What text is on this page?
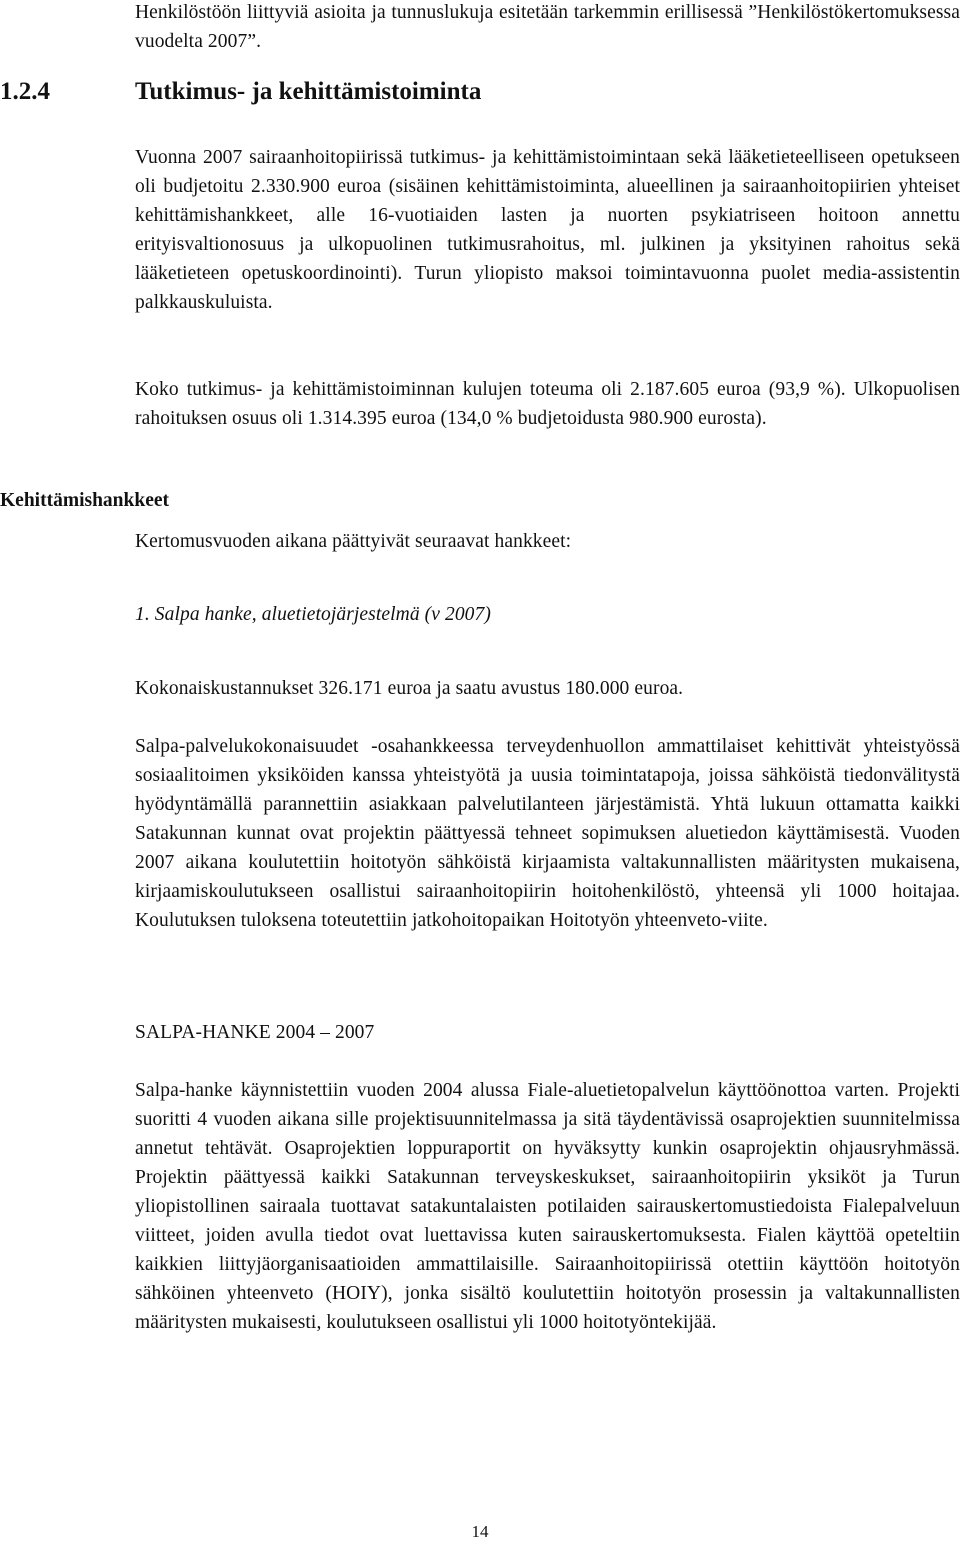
Henkilöstöön liittyviä asioita ja tunnuslukuja esitetään tarkemmin erillisessä ”Henkilöstökertomuksessa vuodelta 2007”.

1.2.4	Tutkimus- ja kehittämistoiminta

Vuonna 2007 sairaanhoitopiirissä tutkimus- ja kehittämistoimintaan sekä lääketieteelliseen opetukseen oli budjetoitu 2.330.900 euroa (sisäinen kehittämistoiminta, alueellinen ja sairaanhoitopiirien yhteiset kehittämishankkeet, alle 16-vuotiaiden lasten ja nuorten psykiatriseen hoitoon annettu erityisvaltionosuus ja ulkopuolinen tutkimusrahoitus, ml. julkinen ja yksityinen rahoitus sekä lääketieteen opetuskoordinointi). Turun yliopisto maksoi toimintavuonna puolet media-assistentin palkkauskuluista.

Koko tutkimus- ja kehittämistoiminnan kulujen toteuma oli 2.187.605 euroa (93,9 %). Ulkopuolisen rahoituksen osuus oli 1.314.395 euroa (134,0 % budjetoidusta 980.900 eurosta).

Kehittämishankkeet

Kertomusvuoden aikana päättyivät seuraavat hankkeet:

1. Salpa hanke, aluetietojärjestelmä (v 2007)

Kokonaiskustannukset 326.171 euroa ja saatu avustus 180.000 euroa.

Salpa-palvelukokonaisuudet -osahankkeessa terveydenhuollon ammattilaiset kehittivät yhteistyössä sosiaalitoimen yksiköiden kanssa yhteistyötä ja uusia toimintatapoja, joissa sähköistä tiedonvälitystä hyödyntämällä parannettiin asiakkaan palvelutilanteen järjestämistä. Yhtä lukuun ottamatta kaikki Satakunnan kunnat ovat projektin päättyessä tehneet sopimuksen aluetiedon käyttämisestä. Vuoden 2007 aikana koulutettiin hoitotyön sähköistä kirjaamista valtakunnallisten määritysten mukaisena, kirjaamiskoulutukseen osallistui sairaanhoitopiirin hoitohenkilöstö, yhteensä yli 1000 hoitajaa. Koulutuksen tuloksena toteutettiin jatkohoitopaikan Hoitotyön yhteenveto-viite.

SALPA-HANKE 2004 – 2007

Salpa-hanke käynnistettiin vuoden 2004 alussa Fiale-aluetietopalvelun käyttöönottoa varten. Projekti suoritti 4 vuoden aikana sille projektisuunnitelmassa ja sitä täydentävissä osaprojektien suunnitelmissa annetut tehtävät. Osaprojektien loppuraportit on hyväksytty kunkin osaprojektin ohjausryhmässä. Projektin päättyessä kaikki Satakunnan terveyskeskukset, sairaanhoitopiirin yksiköt ja Turun yliopistollinen sairaala tuottavat satakuntalaisten potilaiden sairauskertomustiedoista Fialepalveluun viitteet, joiden avulla tiedot ovat luettavissa kuten sairauskertomuksesta. Fialen käyttöä opeteltiin kaikkien liittyjäorganisaatioiden ammattilaisille. Sairaanhoitopiirissä otettiin käyttöön hoitotyön sähköinen yhteenveto (HOIY), jonka sisältö koulutettiin hoitotyön prosessin ja valtakunnallisten määritysten mukaisesti, koulutukseen osallistui yli 1000 hoitotyöntekijää.

14
